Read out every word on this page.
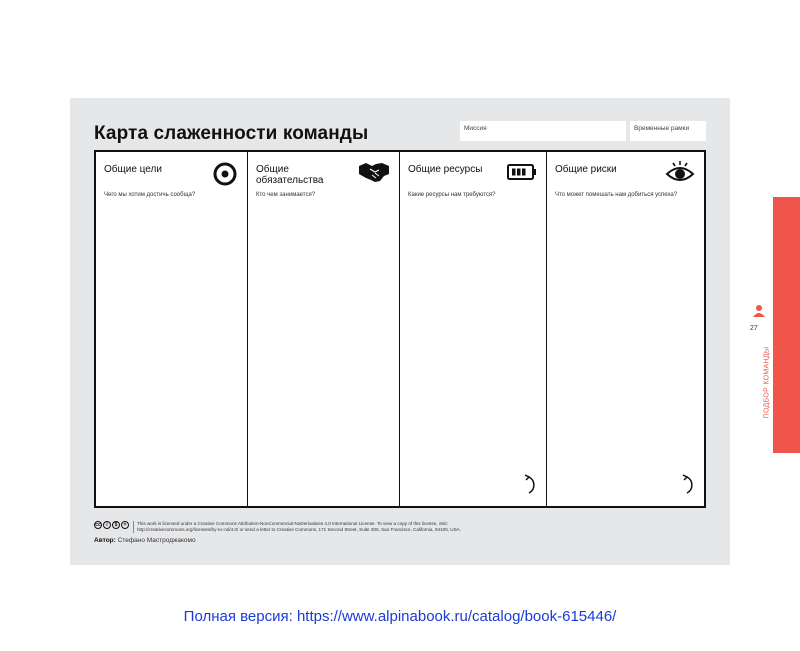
Карта слаженности команды	Миссия	Временные рамки
Общие цели
Чего мы хотим достичь сообща?
Общие обязательства
Кто чем занимается?
Общие ресурсы
Какие ресурсы нам требуются?
Общие риски
Что может помешать нам добиться успеха?
cc	i	$	=	This work is licensed under a Creative Commons Attribution-NonCommercial-NoDerivatives 4.0 International License. To view a copy of this license, visit: http://creativecommons.org/licenses/by-nc-nd/4.0/ or send a letter to Creative Commons, 171 Second Street, Suite 300, San Francisco, California, 94105, USA.
Автор: Стефано Мастроджакомо
27
ПОДБОР КОМАНДЫ
Полная версия: https://www.alpinabook.ru/catalog/book-615446/
